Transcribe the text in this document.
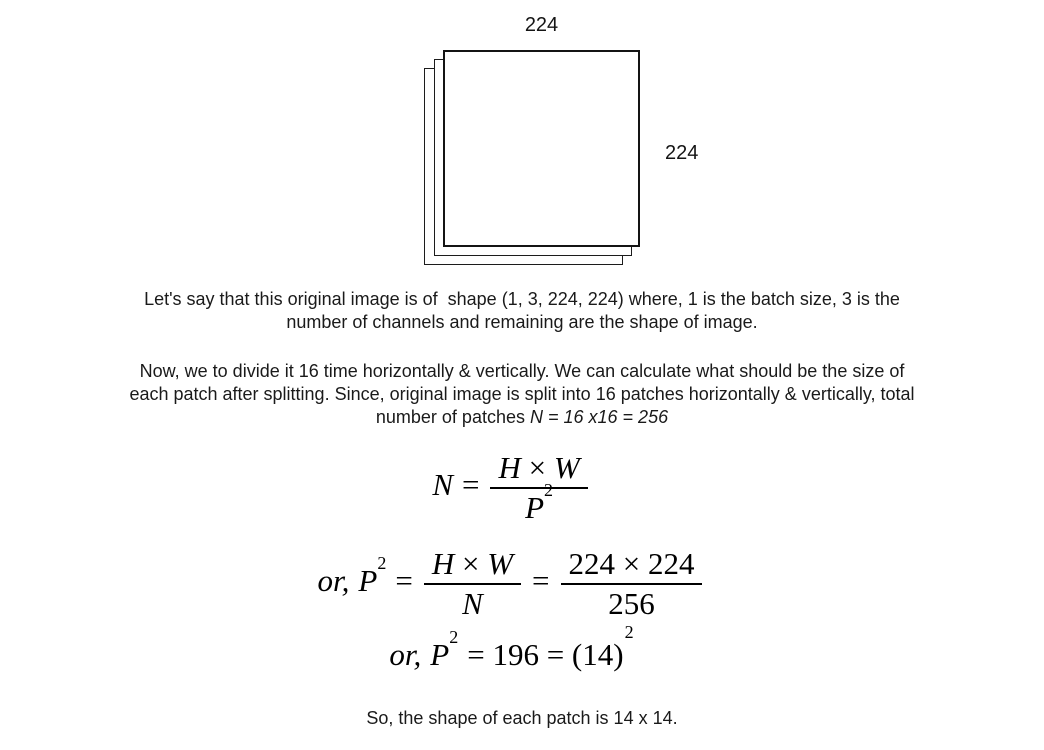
224
224
Let's say that this original image is of  shape (1, 3, 224, 224) where, 1 is the batch size, 3 is the
number of channels and remaining are the shape of image.
Now, we to divide it 16 time horizontally & vertically. We can calculate what should be the size of
each patch after splitting. Since, original image is split into 16 patches horizontally & vertically, total
number of patches N = 16 x16 = 256
$N = \frac{H \times W}{P^2}$
or, $P^2= \frac{H \times W}{N} = \frac{224 \times 224}{256}$
or, $P^2= 196 = (14)^2$
So, the shape of each patch is 14 x 14.
